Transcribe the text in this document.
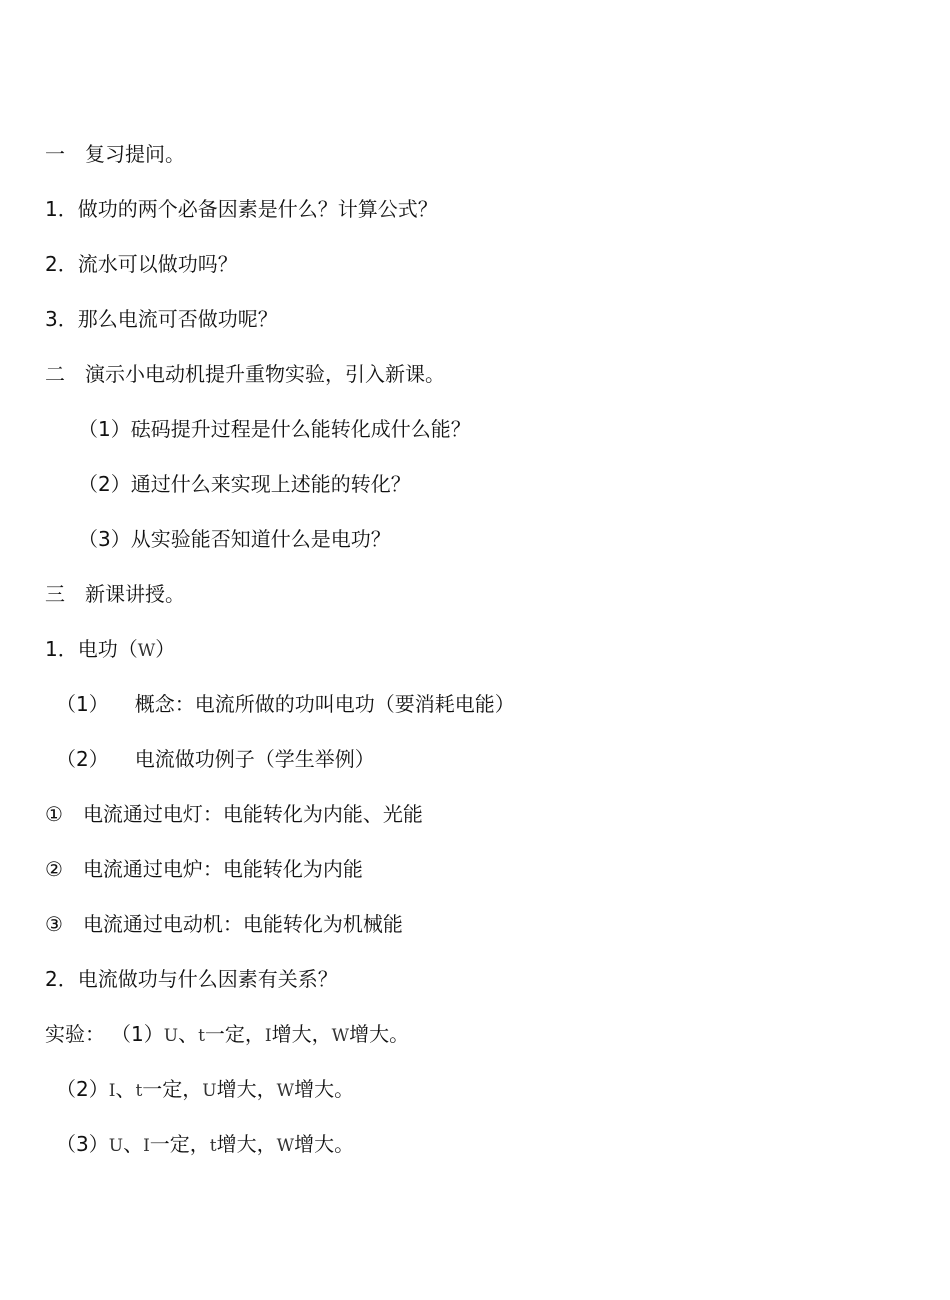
一 复习提问。
1．做功的两个必备因素是什么？计算公式？
2．流水可以做功吗？
3．那么电流可否做功呢？
二 演示小电动机提升重物实验，引入新课。
（1）砝码提升过程是什么能转化成什么能？
（2）通过什么来实现上述能的转化？
（3）从实验能否知道什么是电功？
三 新课讲授。
1．电功（W）
（1） 概念：电流所做的功叫电功（要消耗电能）
（2） 电流做功例子（学生举例）
① 电流通过电灯：电能转化为内能、光能
② 电流通过电炉：电能转化为内能
③ 电流通过电动机：电能转化为机械能
2．电流做功与什么因素有关系？
实验： （1）U、t一定，I增大，W增大。
（2）I、t一定，U增大，W增大。
（3）U、I一定，t增大，W增大。
